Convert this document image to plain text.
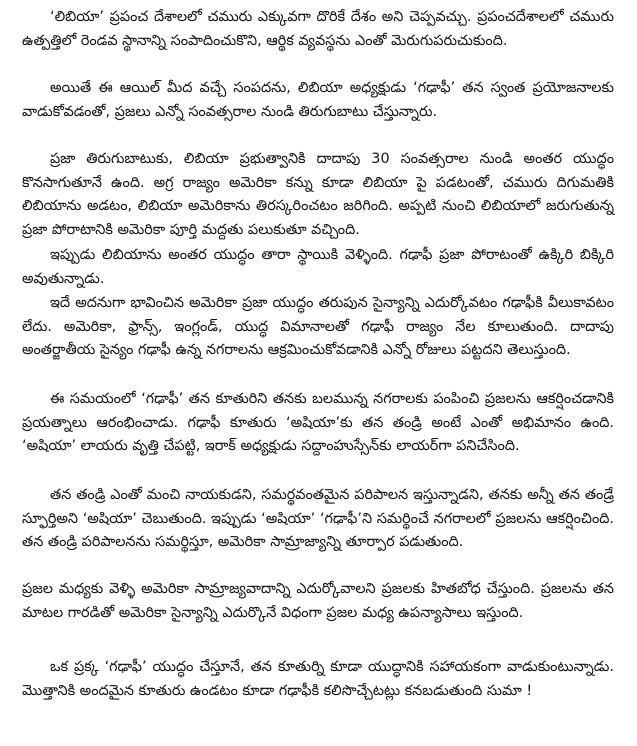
‘లిబియా’ ప్రపంచ దేశాలలో చమురు ఎక్కువగా దొరికే దేశం అని చెప్పవచ్చు. ప్రపంచదేశాలలో చమురు ఉత్పత్తిలో రెండవ స్థానాన్ని సంపాదించుకొని, ఆర్థిక వ్యవస్థను ఎంతో మెరుగుపరుచుకుంది.

అయితే ఈ ఆయిల్ మీద వచ్చే సంపదను, లిబియా అధ్యక్షుడు ‘గఢాఫీ’ తన స్వంత ప్రయోజనాలకు వాడుకోవడంతో, ప్రజలు ఎన్నో సంవత్సరాల నుండి తిరుగుబాటు చేస్తున్నారు.

ప్రజా తిరుగుబాటుకు, లిబియా ప్రభుత్వానికి దాదాపు 30 సంవత్సరాల నుండి అంతర యుద్ధం కొనసాగుతూనే ఉంది. అగ్ర రాజ్యం అమెరికా కన్ను కూడా లిబియా పై పడటంతో, చమురు దిగుమతికి లిబియాను అడటం, లిబియా అమెరికాను తిరస్కరించటం జరిగింది. అప్పటి నుంచి లిబియాలో జరుగుతున్న ప్రజా పోరాటానికి అమెరికా పూర్తి మద్దతు పలుకుతూ వచ్చింది.

ఇప్పుడు లిబియాను అంతర యుద్ధం తారా స్థాయికి వెళ్ళింది. గఢాఫీ ప్రజా పోరాటంతో ఉక్కిరి బిక్కిరి అవుతున్నాడు.

ఇదే అదనుగా భావించిన అమెరికా ప్రజా యుద్ధం తరుపున సైన్యాన్ని ఎదుర్కోవటం గఢాఫీకి వీలుకావటం లేదు. అమెరికా, ఫ్రాన్స్, ఇంగ్లండ్, యుద్ధ విమానాలతో గఢాఫీ రాజ్యం నేల కూలుతుంది. దాదాపు అంతర్జాతీయ సైన్యం గఢాఫీ ఉన్న నగరాలను ఆక్రమించుకోవడానికి ఎన్నో రోజులు పట్టదని తెలుస్తుంది.

ఈ సమయంలో ‘గఢాఫీ’ తన కూతురిని తనకు బలమున్న నగరాలకు పంపించి ప్రజలను ఆకర్షించడానికి ప్రయత్నాలు ఆరంభించాడు. గఢాఫీ కూతురు ‘అషియా’కు తన తండ్రి అంటే ఎంతో అభిమానం ఉంది. ‘అషియా’ లాయరు వృత్తి చేపట్టి, ఇరాక్ అధ్యక్షుడు సద్దాంహుస్సేన్‌కు లాయర్‌గా పనిచేసింది.

తన తండ్రి ఎంతో మంచి నాయకుడని, సమర్థవంతమైన పరిపాలన ఇస్తున్నాడని, తనకు అన్నీ తన తండ్రే స్ఫూర్తిఅని ‘అషియా’ చెబుతుంది. ఇప్పుడు ‘అషియా’ ‘గఢాఫీ’ని సమర్థించే నగరాలలో ప్రజలను ఆకర్షించింది. తన తండ్రి పరిపాలనను సమర్థిస్తూ, అమెరికా సామ్రాజ్యాన్ని తూర్పార పడుతుంది.

ప్రజల మధ్యకు వెళ్ళి అమెరికా సామ్రాజ్యవాదాన్ని ఎదుర్కోవాలని ప్రజలకు హితబోధ చేస్తుంది. ప్రజలను తన మాటల గారడితో అమెరికా సైన్యాన్ని ఎదుర్కొనే విధంగా ప్రజల మధ్య ఉపన్యాసాలు ఇస్తుంది.

ఒక ప్రక్క ‘గఢాఫీ’ యుద్ధం చేస్తూనే, తన కూతుర్ని కూడా యుద్ధానికి సహాయకంగా వాడుకుంటున్నాడు. మొత్తానికి అందమైన కూతురు ఉండటం కూడా గఢాఫీకి కలిసొచ్చేటట్లు కనబడుతుంది సుమా !
